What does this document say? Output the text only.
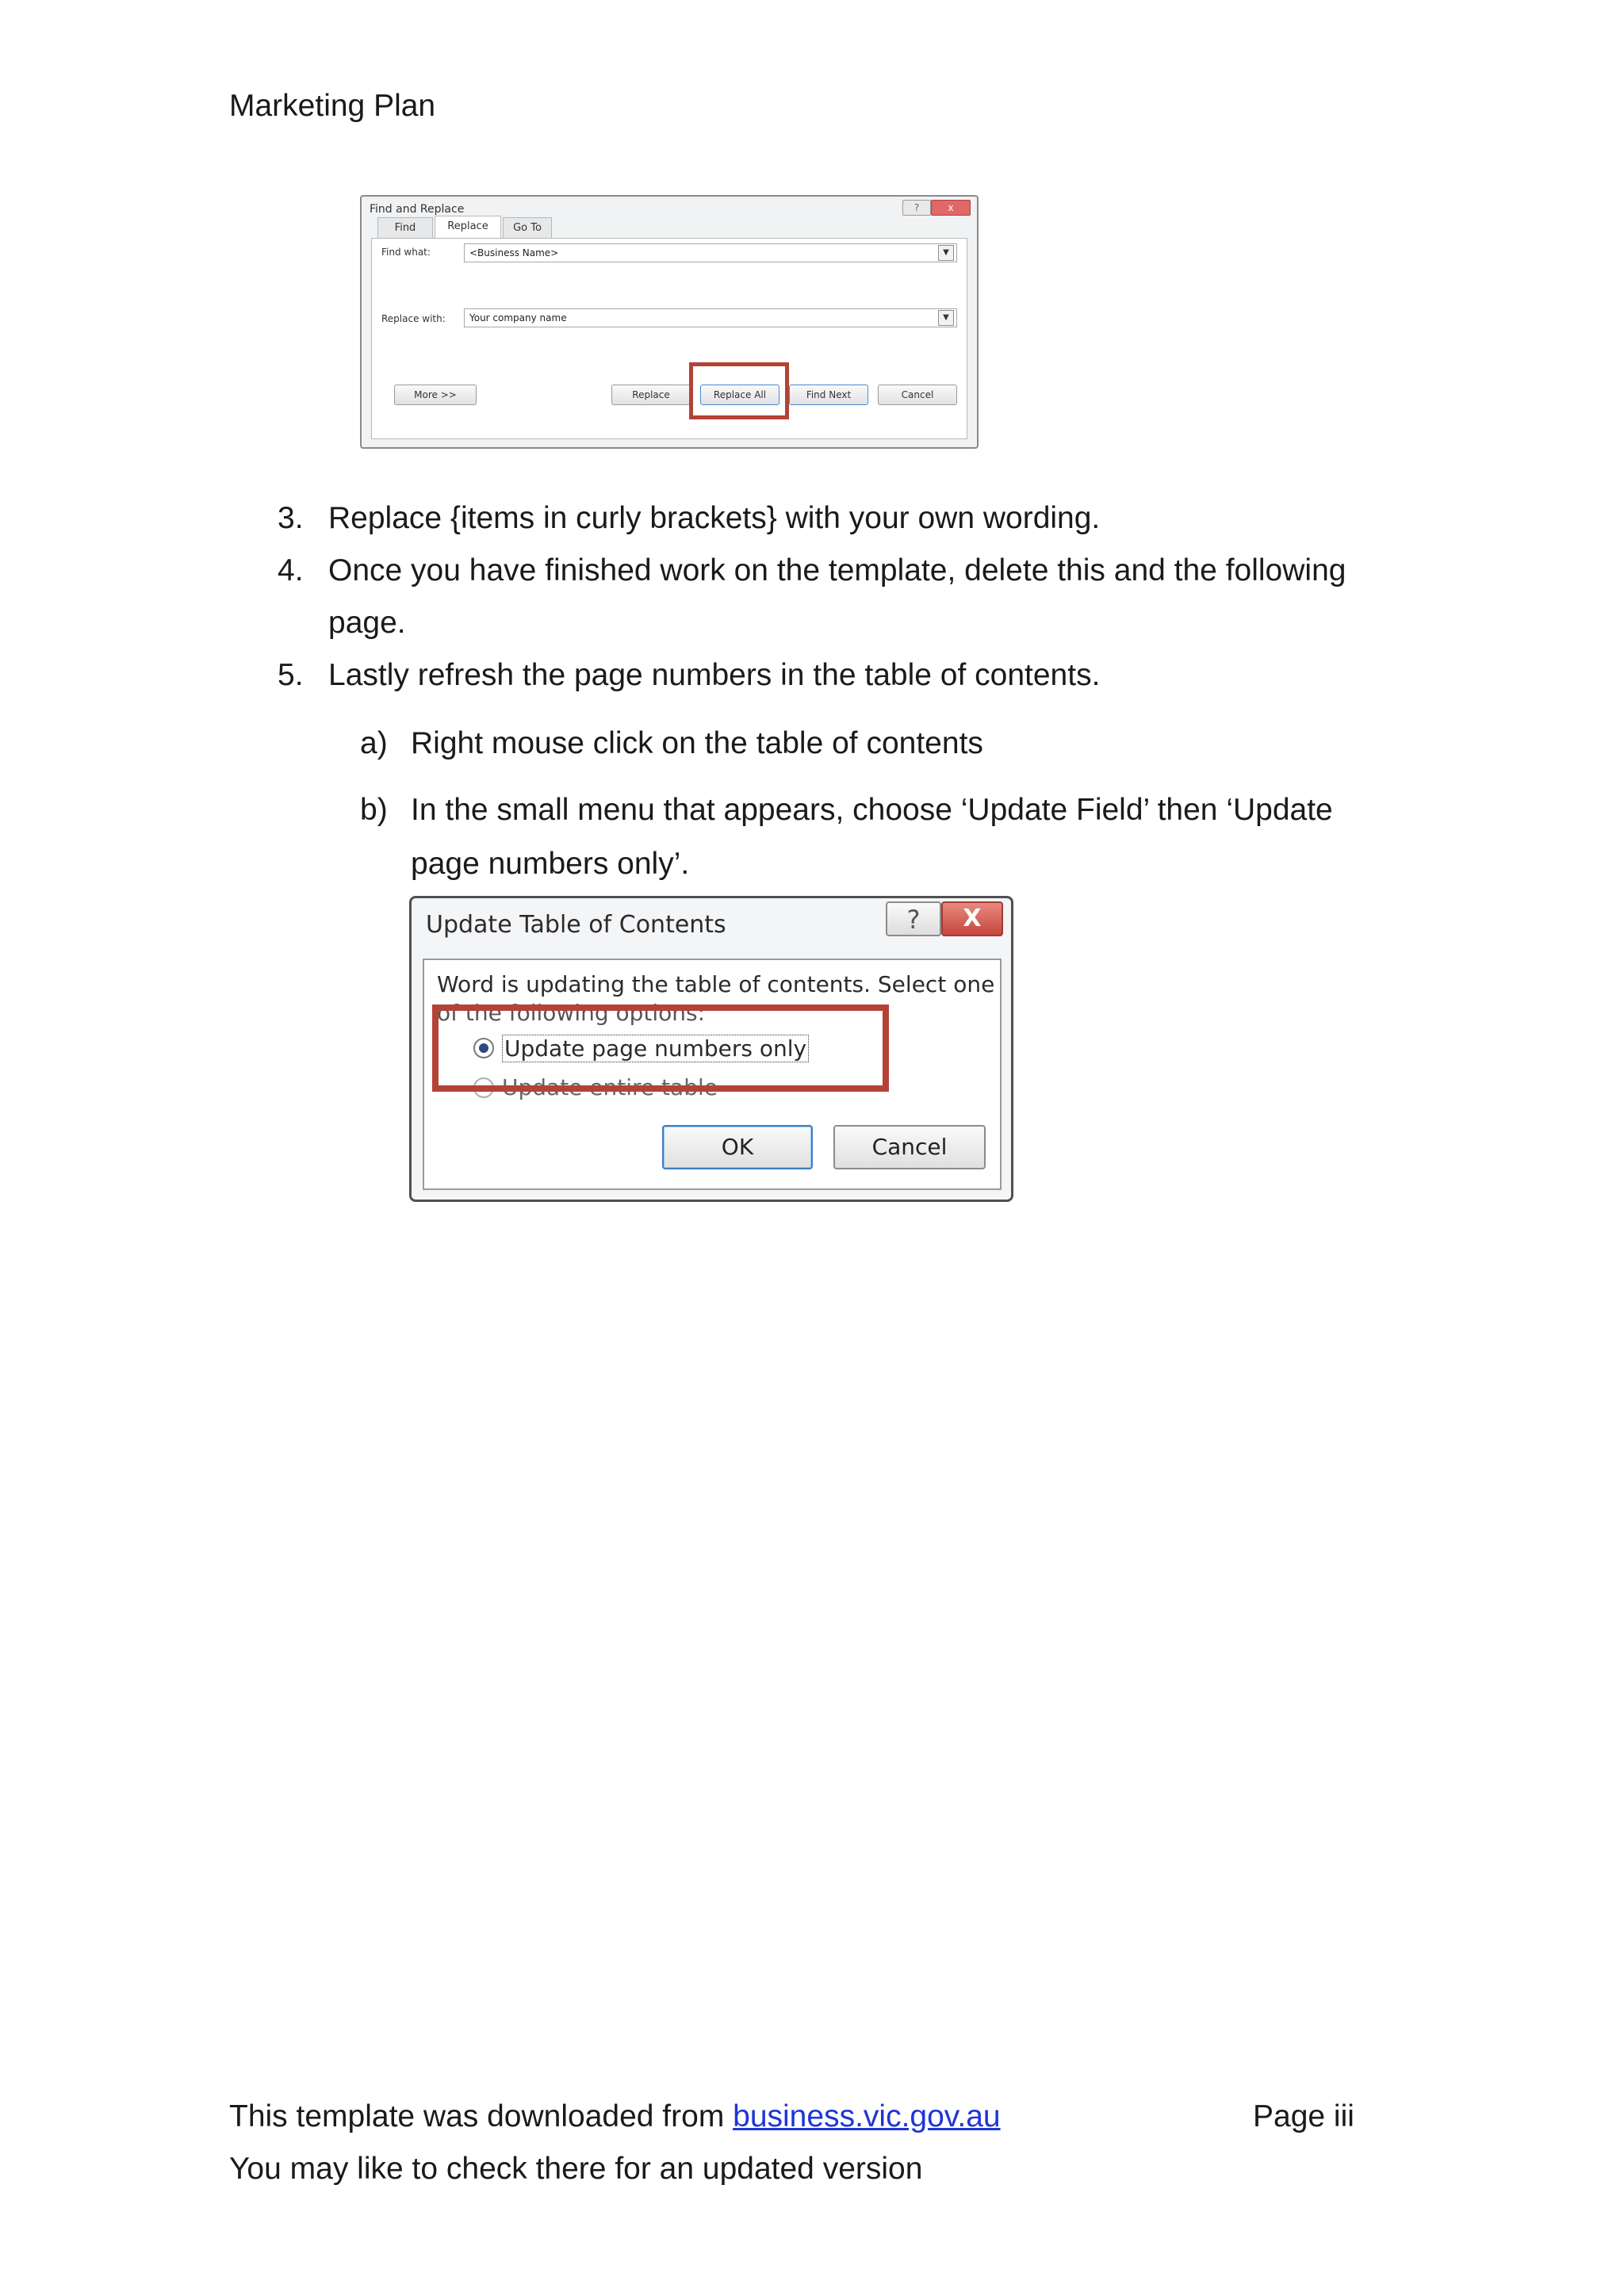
Marketing Plan
Find and Replace	?	x
Find	Replace	Go To
Find what:	<Business Name>	▼
Replace with:	Your company name	▼
More >>	Replace	Replace All	Find Next	Cancel
3. Replace {items in curly brackets} with your own wording.
4. Once you have finished work on the template, delete this and the following
page.
5. Lastly refresh the page numbers in the table of contents.
a) Right mouse click on the table of contents
b) In the small menu that appears, choose ‘Update Field’ then ‘Update
page numbers only’.
Update Table of Contents	?	X
Word is updating the table of contents. Select one
of the following options:
Update page numbers only
Update entire table
OK	Cancel
This template was downloaded from business.vic.gov.au	Page iii
You may like to check there for an updated version
